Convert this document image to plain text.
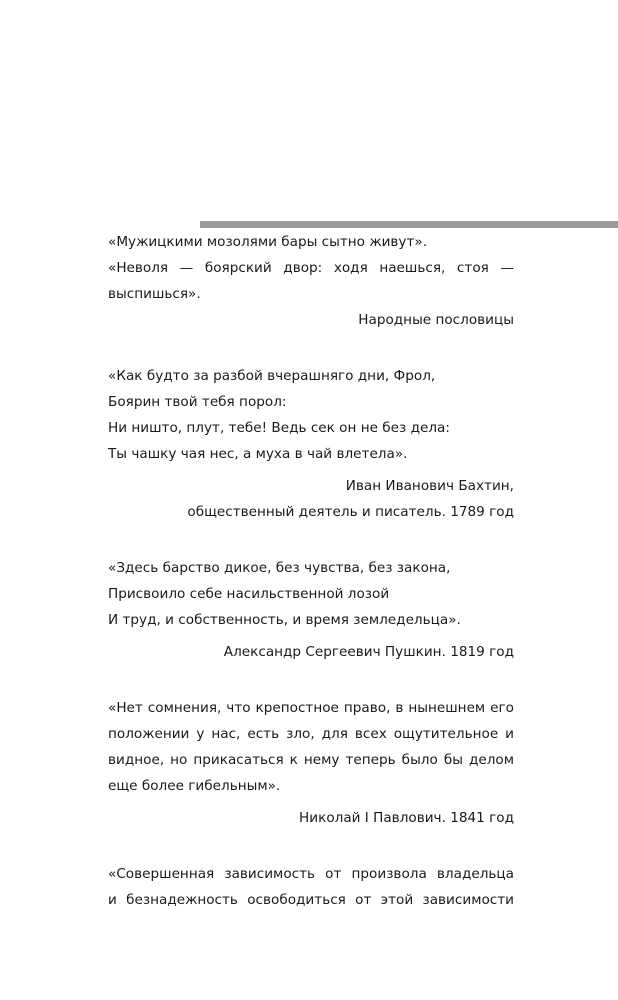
«Мужицкими мозолями бары сытно живут».
«Неволя — боярский двор: ходя наешься, стоя —
выспишься».
Народные пословицы
«Как будто за разбой вчерашняго дни, Фрол,
Боярин твой тебя порол:
Ни ништо, плут, тебе! Ведь сек он не без дела:
Ты чашку чая нес, а муха в чай влетела».
Иван Иванович Бахтин,
общественный деятель и писатель. 1789 год
«Здесь барство дикое, без чувства, без закона,
Присвоило себе насильственной лозой
И труд, и собственность, и время земледельца».
Александр Сергеевич Пушкин. 1819 год
«Нет сомнения, что крепостное право, в нынешнем его
положении у нас, есть зло, для всех ощутительное и
видное, но прикасаться к нему теперь было бы делом
еще более гибельным».
Николай I Павлович. 1841 год
«Совершенная зависимость от произвола владельца
и безнадежность освободиться от этой зависимости
